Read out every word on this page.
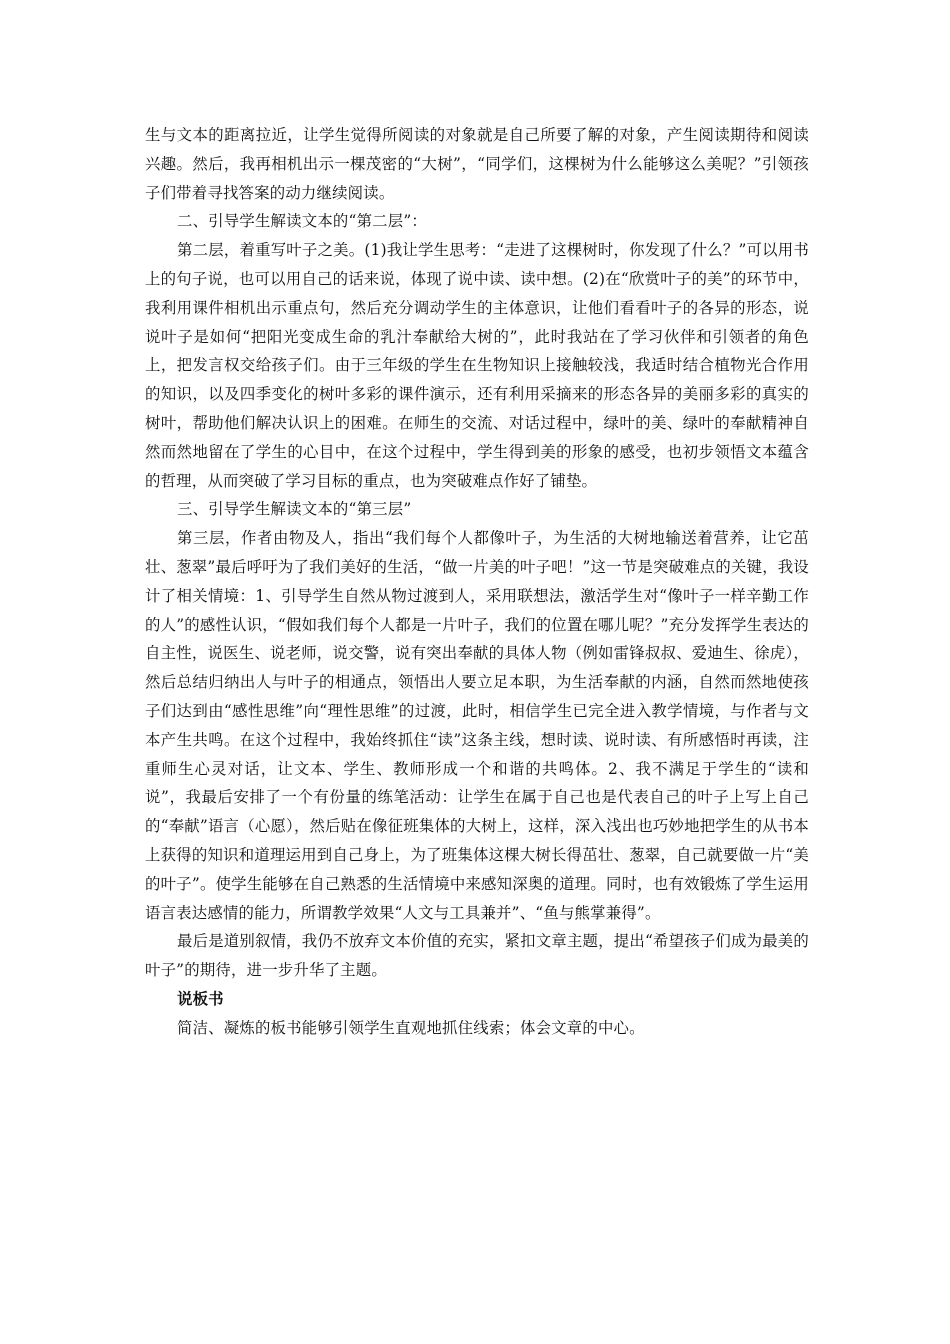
生与文本的距离拉近，让学生觉得所阅读的对象就是自己所要了解的对象，产生阅读期待和阅读兴趣。然后，我再相机出示一棵茂密的“大树”，“同学们，这棵树为什么能够这么美呢？”引领孩子们带着寻找答案的动力继续阅读。

二、引导学生解读文本的“第二层”：

第二层，着重写叶子之美。(1)我让学生思考：“走进了这棵树时，你发现了什么？”可以用书上的句子说，也可以用自己的话来说，体现了说中读、读中想。(2)在“欣赏叶子的美”的环节中，我利用课件相机出示重点句，然后充分调动学生的主体意识，让他们看看叶子的各异的形态，说说叶子是如何“把阳光变成生命的乳汁奉献给大树的”，此时我站在了学习伙伴和引领者的角色上，把发言权交给孩子们。由于三年级的学生在生物知识上接触较浅，我适时结合植物光合作用的知识，以及四季变化的树叶多彩的课件演示，还有利用采摘来的形态各异的美丽多彩的真实的树叶，帮助他们解决认识上的困难。在师生的交流、对话过程中，绿叶的美、绿叶的奉献精神自然而然地留在了学生的心目中，在这个过程中，学生得到美的形象的感受，也初步领悟文本蕴含的哲理，从而突破了学习目标的重点，也为突破难点作好了铺垫。

三、引导学生解读文本的“第三层”

第三层，作者由物及人，指出“我们每个人都像叶子，为生活的大树地输送着营养，让它茁壮、葱翠”最后呼吁为了我们美好的生活，“做一片美的叶子吧！”这一节是突破难点的关键，我设计了相关情境：1、引导学生自然从物过渡到人，采用联想法，激活学生对“像叶子一样辛勤工作的人”的感性认识，“假如我们每个人都是一片叶子，我们的位置在哪儿呢？”充分发挥学生表达的自主性，说医生、说老师，说交警，说有突出奉献的具体人物（例如雷锋叔叔、爱迪生、徐虎），然后总结归纳出人与叶子的相通点，领悟出人要立足本职，为生活奉献的内涵，自然而然地使孩子们达到由“感性思维”向“理性思维”的过渡，此时，相信学生已完全进入教学情境，与作者与文本产生共鸣。在这个过程中，我始终抓住“读”这条主线，想时读、说时读、有所感悟时再读，注重师生心灵对话，让文本、学生、教师形成一个和谐的共鸣体。2、我不满足于学生的“读和说”，我最后安排了一个有份量的练笔活动：让学生在属于自己也是代表自己的叶子上写上自己的“奉献”语言（心愿），然后贴在像征班集体的大树上，这样，深入浅出也巧妙地把学生的从书本上获得的知识和道理运用到自己身上，为了班集体这棵大树长得茁壮、葱翠，自己就要做一片“美的叶子”。使学生能够在自己熟悉的生活情境中来感知深奥的道理。同时，也有效锻炼了学生运用语言表达感情的能力，所谓教学效果“人文与工具兼并”、“鱼与熊掌兼得”。

最后是道别叙情，我仍不放弃文本价值的充实，紧扣文章主题，提出“希望孩子们成为最美的叶子”的期待，进一步升华了主题。

说板书

简洁、凝炼的板书能够引领学生直观地抓住线索；体会文章的中心。
